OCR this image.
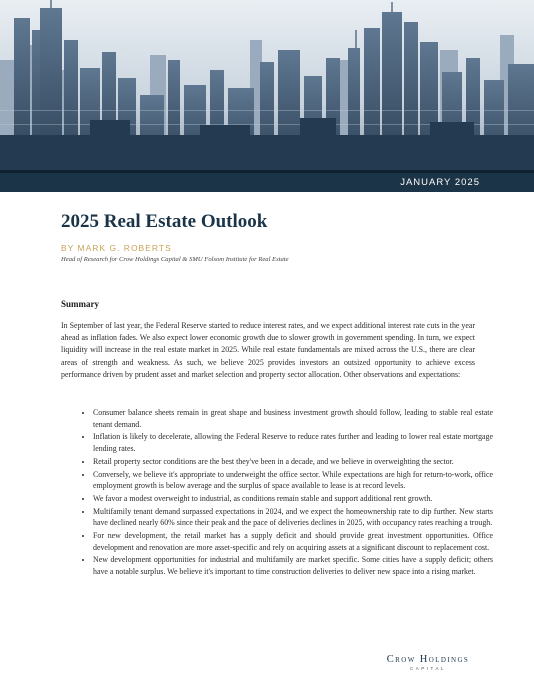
JANUARY 2025
2025 Real Estate Outlook
BY MARK G. ROBERTS
Head of Research for Crow Holdings Capital & SMU Folsom Institute for Real Estate
Summary

In September of last year, the Federal Reserve started to reduce interest rates, and we expect additional interest rate cuts in the year ahead as inflation fades. We also expect lower economic growth due to slower growth in government spending. In turn, we expect liquidity will increase in the real estate market in 2025. While real estate fundamentals are mixed across the U.S., there are clear areas of strength and weakness. As such, we believe 2025 provides investors an outsized opportunity to achieve excess performance driven by prudent asset and market selection and property sector allocation. Other observations and expectations:

• Consumer balance sheets remain in great shape and business investment growth should follow, leading to stable real estate tenant demand.
• Inflation is likely to decelerate, allowing the Federal Reserve to reduce rates further and leading to lower real estate mortgage lending rates.
• Retail property sector conditions are the best they've been in a decade, and we believe in overweighting the sector.
• Conversely, we believe it's appropriate to underweight the office sector. While expectations are high for return-to-work, office employment growth is below average and the surplus of space available to lease is at record levels.
• We favor a modest overweight to industrial, as conditions remain stable and support additional rent growth.
• Multifamily tenant demand surpassed expectations in 2024, and we expect the homeownership rate to dip further. New starts have declined nearly 60% since their peak and the pace of deliveries declines in 2025, with occupancy rates reaching a trough.
• For new development, the retail market has a supply deficit and should provide great investment opportunities. Office development and renovation are more asset-specific and rely on acquiring assets at a significant discount to replacement cost.
• New development opportunities for industrial and multifamily are market specific. Some cities have a supply deficit; others have a notable surplus. We believe it's important to time construction deliveries to deliver new space into a rising market.
Crow Holdings
CAPITAL
